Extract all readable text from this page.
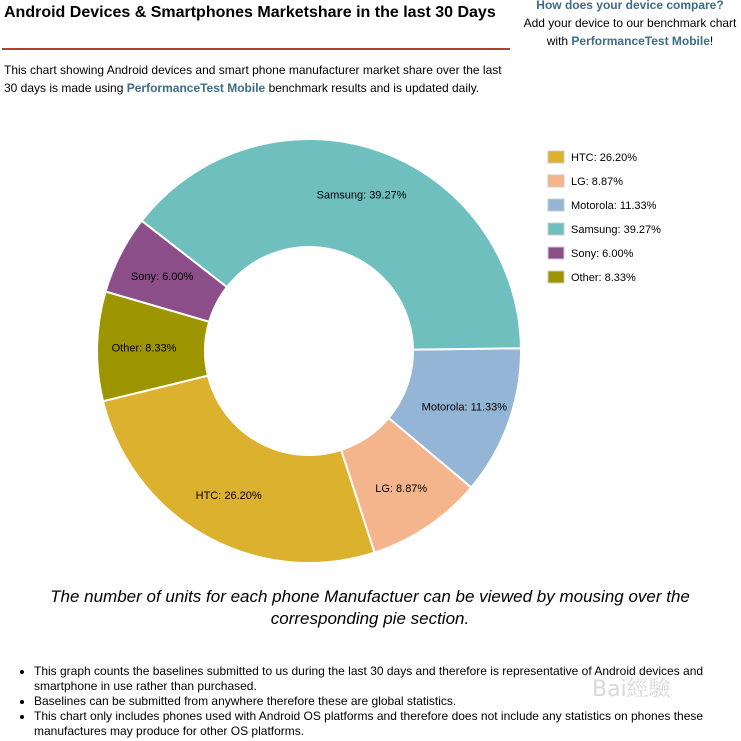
Android Devices & Smartphones Marketshare in the last 30 Days
This chart showing Android devices and smart phone manufacturer market share over the last 30 days is made using PerformanceTest Mobile benchmark results and is updated daily.
How does your device compare?
Add your device to our benchmark chart
with PerformanceTest Mobile!
HTC: 26.20%
LG: 8.87%
Motorola: 11.33%
Samsung: 39.27%
Sony: 6.00%
Other: 8.33%
HTC: 26.20%
LG: 8.87%
Motorola: 11.33%
Samsung: 39.27%
Sony: 6.00%
Other: 8.33%
The number of units for each phone Manufactuer can be viewed by mousing over the corresponding pie section.
• This graph counts the baselines submitted to us during the last 30 days and therefore is representative of Android devices and smartphone in use rather than purchased.
• Baselines can be submitted from anywhere therefore these are global statistics.
• This chart only includes phones used with Android OS platforms and therefore does not include any statistics on phones these manufactures may produce for other OS platforms.
Bai經驗
